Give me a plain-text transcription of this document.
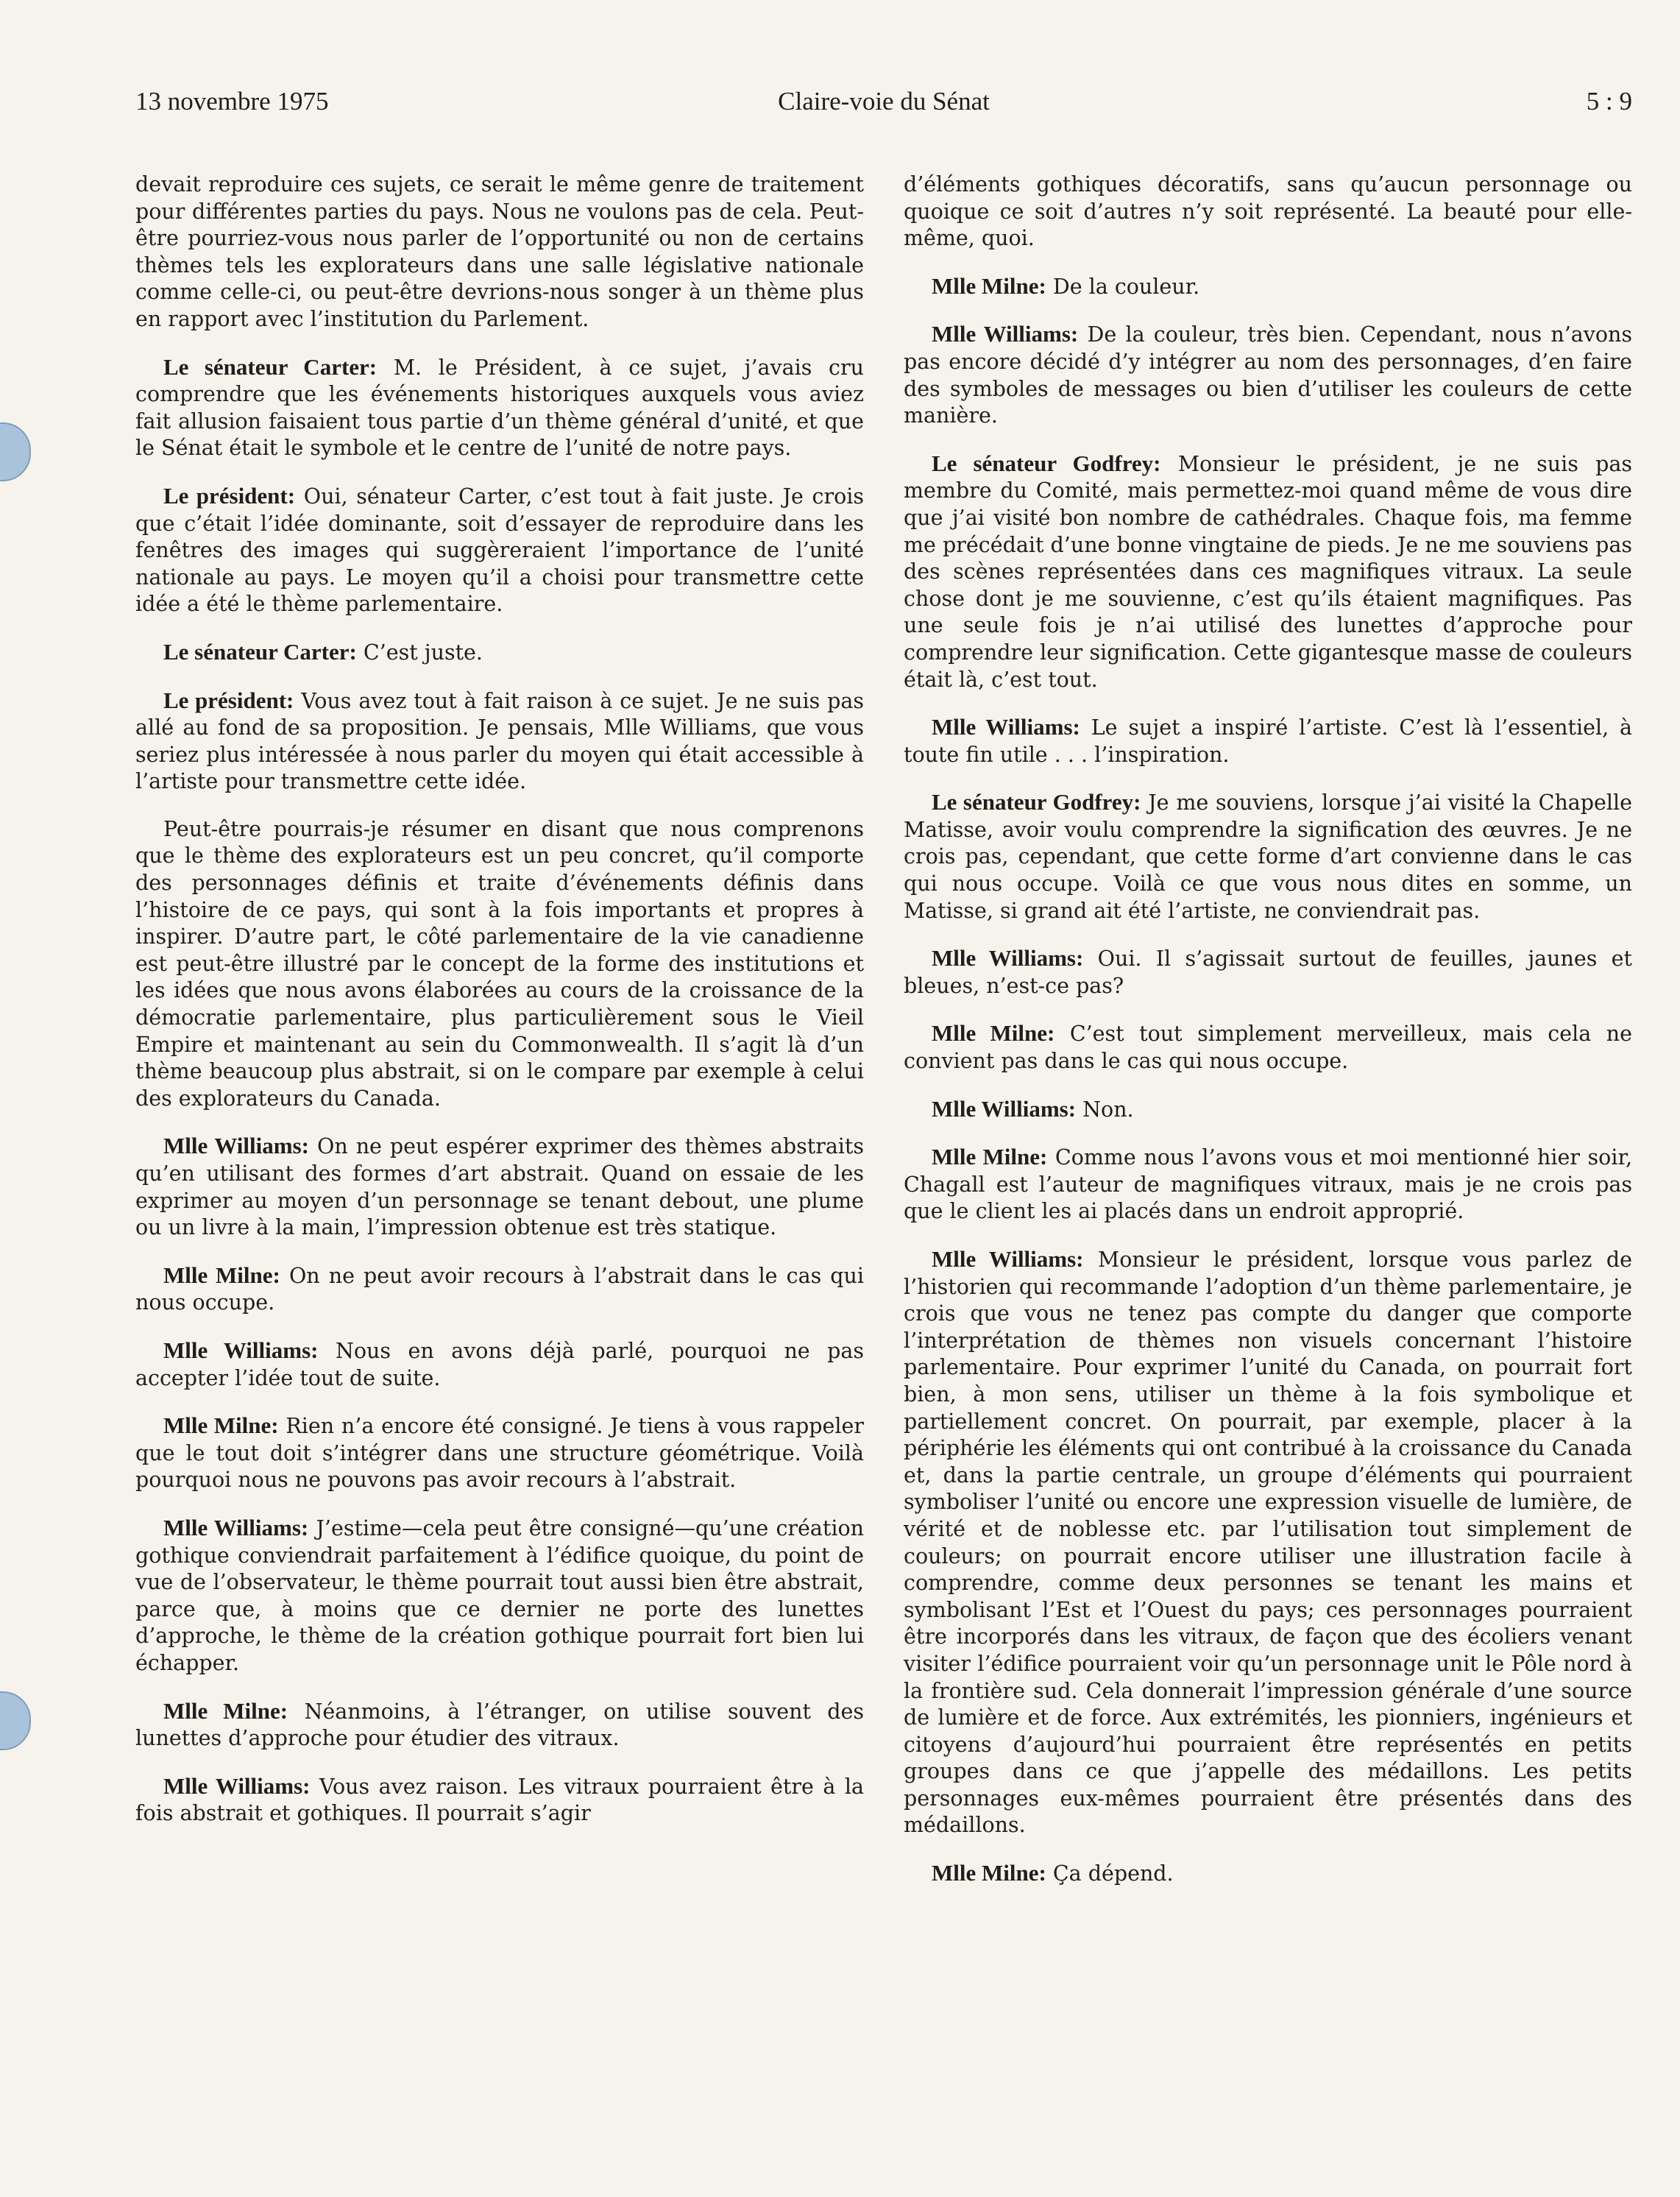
13 novembre 1975	Claire-voie du Sénat	5 : 9

devait reproduire ces sujets, ce serait le même genre de traitement pour différentes parties du pays. Nous ne voulons pas de cela. Peut-être pourriez-vous nous parler de l’opportunité ou non de certains thèmes tels les explorateurs dans une salle législative nationale comme celle-ci, ou peut-être devrions-nous songer à un thème plus en rapport avec l’institution du Parlement.

Le sénateur Carter: M. le Président, à ce sujet, j’avais cru comprendre que les événements historiques auxquels vous aviez fait allusion faisaient tous partie d’un thème général d’unité, et que le Sénat était le symbole et le centre de l’unité de notre pays.

Le président: Oui, sénateur Carter, c’est tout à fait juste. Je crois que c’était l’idée dominante, soit d’essayer de reproduire dans les fenêtres des images qui suggèreraient l’importance de l’unité nationale au pays. Le moyen qu’il a choisi pour transmettre cette idée a été le thème parlementaire.

Le sénateur Carter: C’est juste.

Le président: Vous avez tout à fait raison à ce sujet. Je ne suis pas allé au fond de sa proposition. Je pensais, Mlle Williams, que vous seriez plus intéressée à nous parler du moyen qui était accessible à l’artiste pour transmettre cette idée.

Peut-être pourrais-je résumer en disant que nous comprenons que le thème des explorateurs est un peu concret, qu’il comporte des personnages définis et traite d’événements définis dans l’histoire de ce pays, qui sont à la fois importants et propres à inspirer. D’autre part, le côté parlementaire de la vie canadienne est peut-être illustré par le concept de la forme des institutions et les idées que nous avons élaborées au cours de la croissance de la démocratie parlementaire, plus particulièrement sous le Vieil Empire et maintenant au sein du Commonwealth. Il s’agit là d’un thème beaucoup plus abstrait, si on le compare par exemple à celui des explorateurs du Canada.

Mlle Williams: On ne peut espérer exprimer des thèmes abstraits qu’en utilisant des formes d’art abstrait. Quand on essaie de les exprimer au moyen d’un personnage se tenant debout, une plume ou un livre à la main, l’impression obtenue est très statique.

Mlle Milne: On ne peut avoir recours à l’abstrait dans le cas qui nous occupe.

Mlle Williams: Nous en avons déjà parlé, pourquoi ne pas accepter l’idée tout de suite.

Mlle Milne: Rien n’a encore été consigné. Je tiens à vous rappeler que le tout doit s’intégrer dans une structure géométrique. Voilà pourquoi nous ne pouvons pas avoir recours à l’abstrait.

Mlle Williams: J’estime—cela peut être consigné—qu’une création gothique conviendrait parfaitement à l’édifice quoique, du point de vue de l’observateur, le thème pourrait tout aussi bien être abstrait, parce que, à moins que ce dernier ne porte des lunettes d’approche, le thème de la création gothique pourrait fort bien lui échapper.

Mlle Milne: Néanmoins, à l’étranger, on utilise souvent des lunettes d’approche pour étudier des vitraux.

Mlle Williams: Vous avez raison. Les vitraux pourraient être à la fois abstrait et gothiques. Il pourrait s’agir

d’éléments gothiques décoratifs, sans qu’aucun personnage ou quoique ce soit d’autres n’y soit représenté. La beauté pour elle-même, quoi.

Mlle Milne: De la couleur.

Mlle Williams: De la couleur, très bien. Cependant, nous n’avons pas encore décidé d’y intégrer au nom des personnages, d’en faire des symboles de messages ou bien d’utiliser les couleurs de cette manière.

Le sénateur Godfrey: Monsieur le président, je ne suis pas membre du Comité, mais permettez-moi quand même de vous dire que j’ai visité bon nombre de cathédrales. Chaque fois, ma femme me précédait d’une bonne vingtaine de pieds. Je ne me souviens pas des scènes représentées dans ces magnifiques vitraux. La seule chose dont je me souvienne, c’est qu’ils étaient magnifiques. Pas une seule fois je n’ai utilisé des lunettes d’approche pour comprendre leur signification. Cette gigantesque masse de couleurs était là, c’est tout.

Mlle Williams: Le sujet a inspiré l’artiste. C’est là l’essentiel, à toute fin utile . . . l’inspiration.

Le sénateur Godfrey: Je me souviens, lorsque j’ai visité la Chapelle Matisse, avoir voulu comprendre la signification des œuvres. Je ne crois pas, cependant, que cette forme d’art convienne dans le cas qui nous occupe. Voilà ce que vous nous dites en somme, un Matisse, si grand ait été l’artiste, ne conviendrait pas.

Mlle Williams: Oui. Il s’agissait surtout de feuilles, jaunes et bleues, n’est-ce pas?

Mlle Milne: C’est tout simplement merveilleux, mais cela ne convient pas dans le cas qui nous occupe.

Mlle Williams: Non.

Mlle Milne: Comme nous l’avons vous et moi mentionné hier soir, Chagall est l’auteur de magnifiques vitraux, mais je ne crois pas que le client les ai placés dans un endroit approprié.

Mlle Williams: Monsieur le président, lorsque vous parlez de l’historien qui recommande l’adoption d’un thème parlementaire, je crois que vous ne tenez pas compte du danger que comporte l’interprétation de thèmes non visuels concernant l’histoire parlementaire. Pour exprimer l’unité du Canada, on pourrait fort bien, à mon sens, utiliser un thème à la fois symbolique et partiellement concret. On pourrait, par exemple, placer à la périphérie les éléments qui ont contribué à la croissance du Canada et, dans la partie centrale, un groupe d’éléments qui pourraient symboliser l’unité ou encore une expression visuelle de lumière, de vérité et de noblesse etc. par l’utilisation tout simplement de couleurs; on pourrait encore utiliser une illustration facile à comprendre, comme deux personnes se tenant les mains et symbolisant l’Est et l’Ouest du pays; ces personnages pourraient être incorporés dans les vitraux, de façon que des écoliers venant visiter l’édifice pourraient voir qu’un personnage unit le Pôle nord à la frontière sud. Cela donnerait l’impression générale d’une source de lumière et de force. Aux extrémités, les pionniers, ingénieurs et citoyens d’aujourd’hui pourraient être représentés en petits groupes dans ce que j’appelle des médaillons. Les petits personnages eux-mêmes pourraient être présentés dans des médaillons.

Mlle Milne: Ça dépend.
